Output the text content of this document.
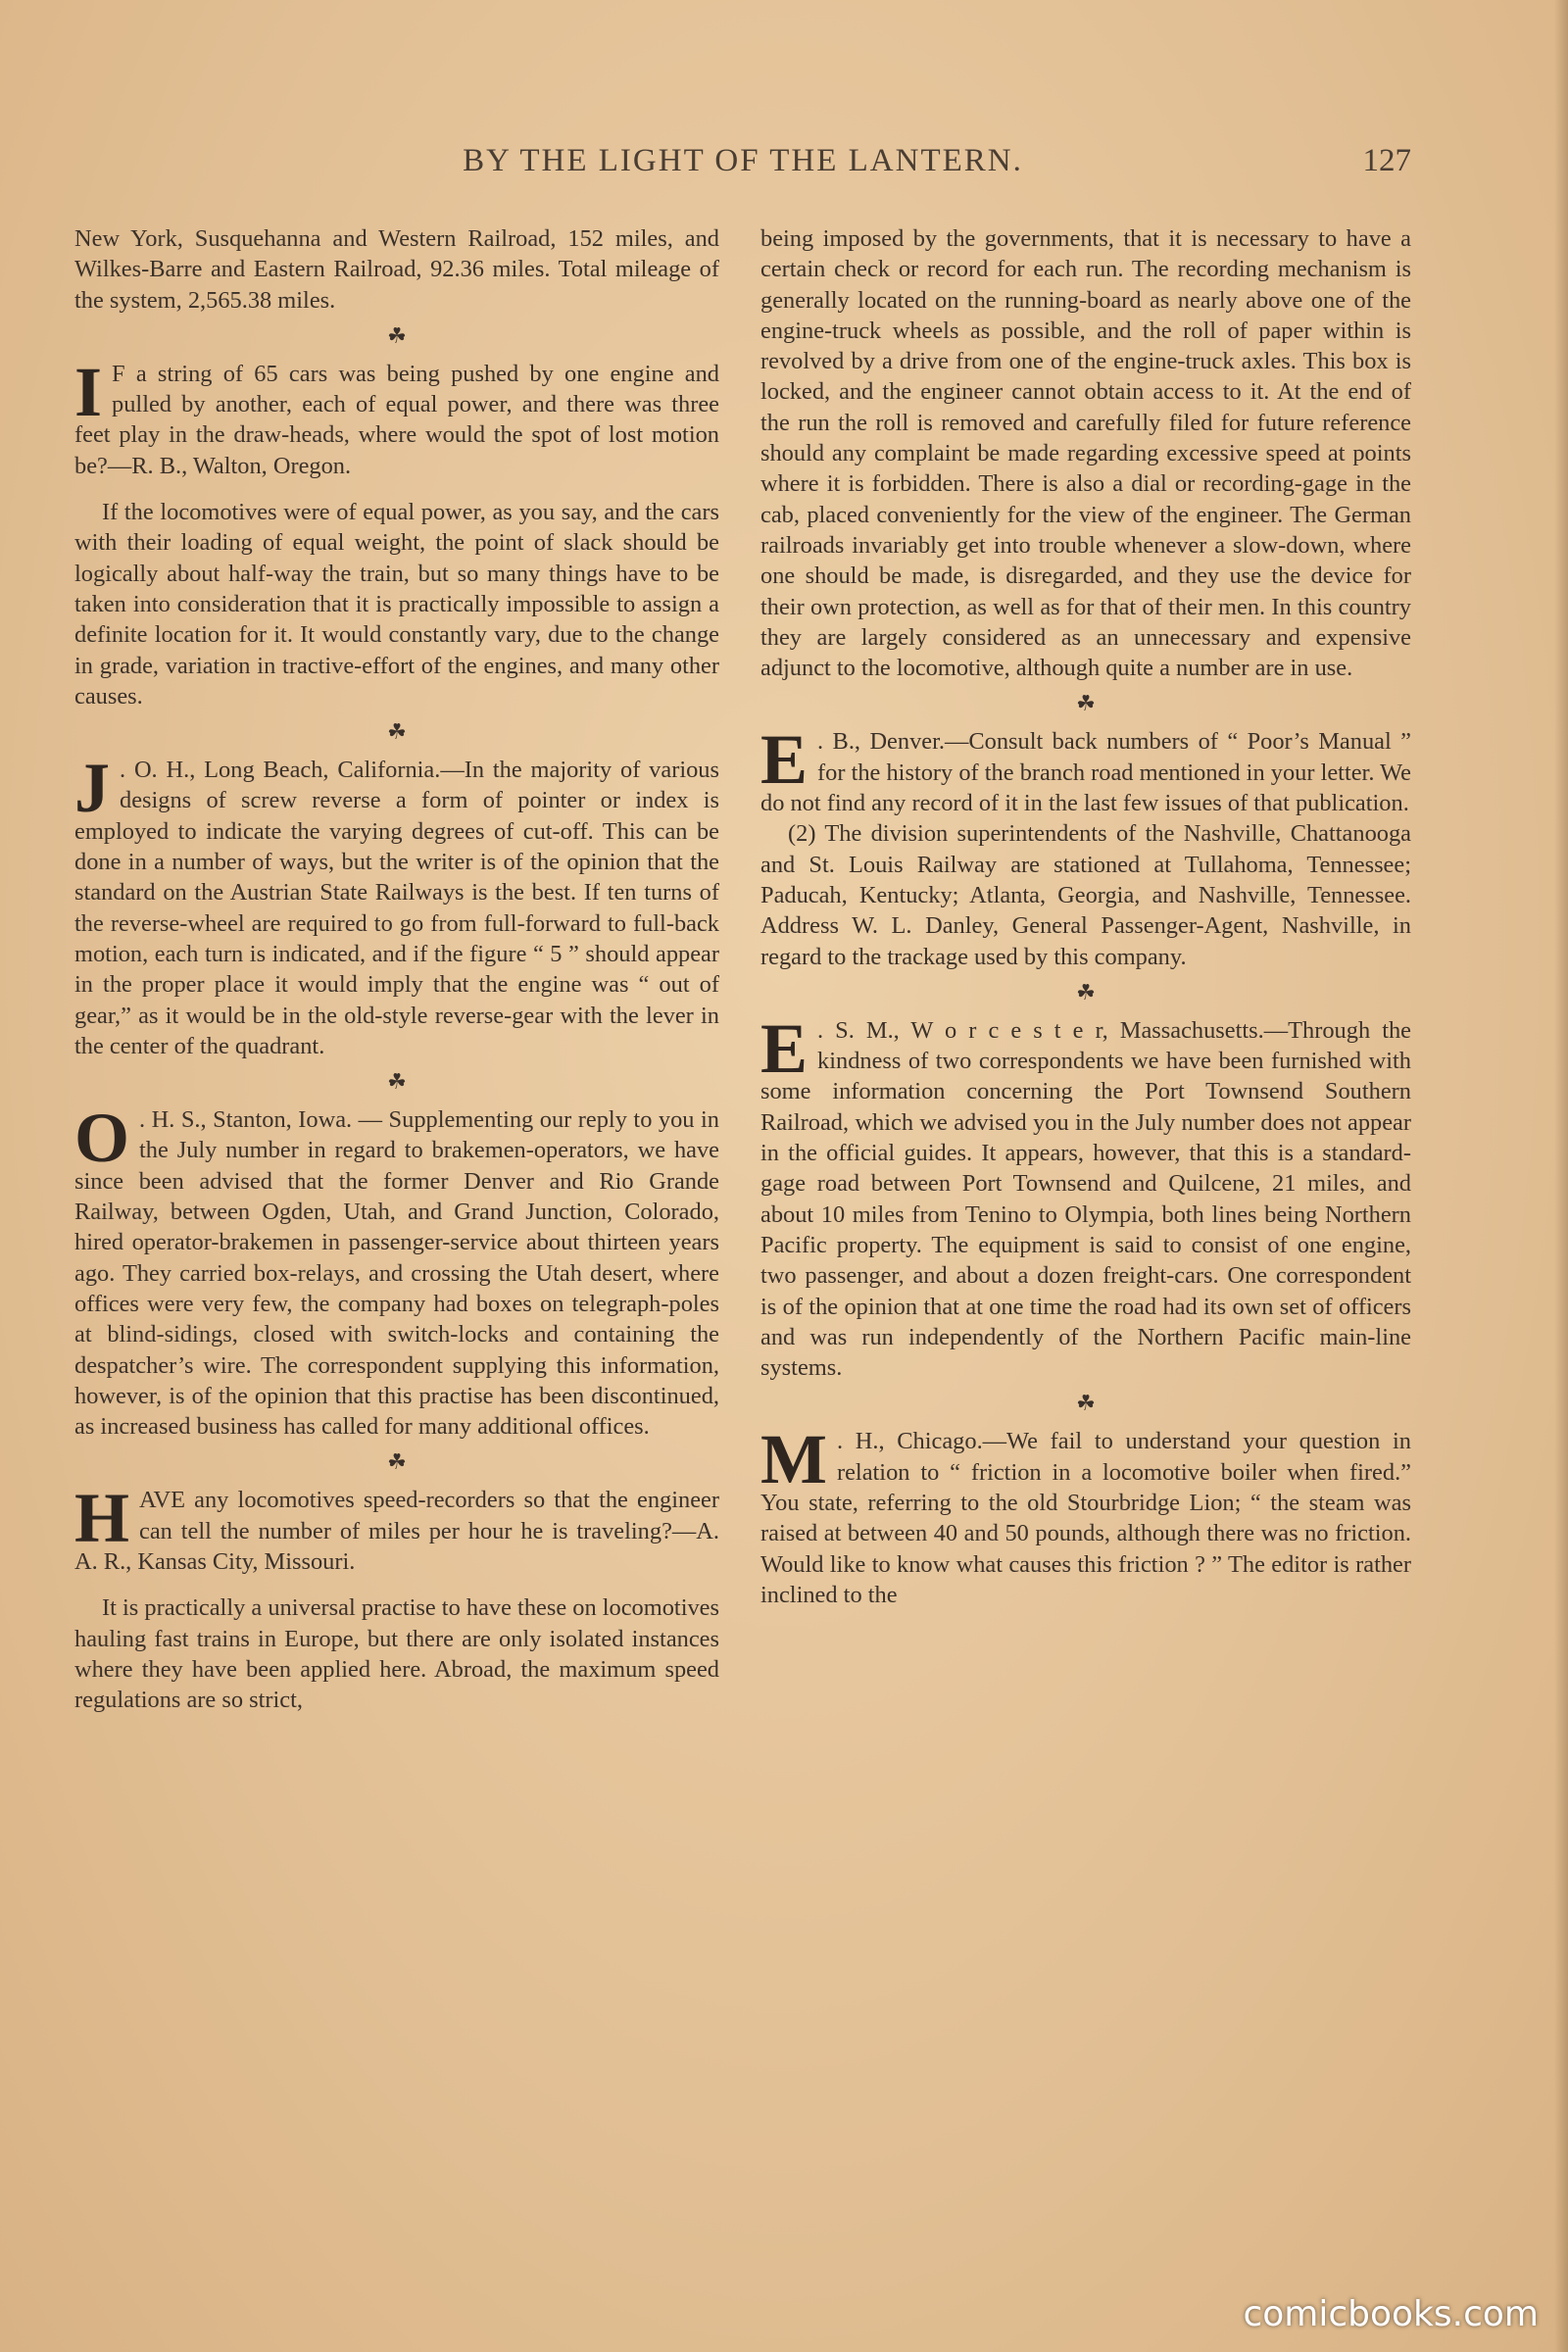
BY THE LIGHT OF THE LANTERN.	127

New York, Susquehanna and Western Railroad, 152 miles, and Wilkes-Barre and Eastern Railroad, 92.36 miles. Total mileage of the system, 2,565.38 miles.

☘
I F a string of 65 cars was being pushed by one engine and pulled by another, each of equal power, and there was three feet play in the draw-heads, where would the spot of lost motion be?—R. B., Walton, Oregon.

If the locomotives were of equal power, as you say, and the cars with their loading of equal weight, the point of slack should be logically about half-way the train, but so many things have to be taken into consideration that it is practically impossible to assign a definite location for it. It would constantly vary, due to the change in grade, variation in tractive-effort of the engines, and many other causes.

☘
J . O. H., Long Beach, California.—In the majority of various designs of screw reverse a form of pointer or index is employed to indicate the varying degrees of cut-off. This can be done in a number of ways, but the writer is of the opinion that the standard on the Austrian State Railways is the best. If ten turns of the reverse-wheel are required to go from full-forward to full-back motion, each turn is indicated, and if the figure “ 5 ” should appear in the proper place it would imply that the engine was “ out of gear,” as it would be in the old-style reverse-gear with the lever in the center of the quadrant.
☘
O . H. S., Stanton, Iowa. — Supplementing our reply to you in the July number in regard to brakemen-operators, we have since been advised that the former Denver and Rio Grande Railway, between Ogden, Utah, and Grand Junction, Colorado, hired operator-brakemen in passenger-service about thirteen years ago. They carried box-relays, and crossing the Utah desert, where offices were very few, the company had boxes on telegraph-poles at blind-sidings, closed with switch-locks and containing the despatcher’s wire. The correspondent supplying this information, however, is of the opinion that this practise has been discontinued, as increased business has called for many additional offices.
☘
H AVE any locomotives speed-recorders so that the engineer can tell the number of miles per hour he is traveling?—A. A. R., Kansas City, Missouri.

It is practically a universal practise to have these on locomotives hauling fast trains in Europe, but there are only isolated instances where they have been applied here. Abroad, the maximum speed regulations are so strict,

being imposed by the governments, that it is necessary to have a certain check or record for each run. The recording mechanism is generally located on the running-board as nearly above one of the engine-truck wheels as possible, and the roll of paper within is revolved by a drive from one of the engine-truck axles. This box is locked, and the engineer cannot obtain access to it. At the end of the run the roll is removed and carefully filed for future reference should any complaint be made regarding excessive speed at points where it is forbidden. There is also a dial or recording-gage in the cab, placed conveniently for the view of the engineer. The German railroads invariably get into trouble whenever a slow-down, where one should be made, is disregarded, and they use the device for their own protection, as well as for that of their men. In this country they are largely considered as an unnecessary and expensive adjunct to the locomotive, although quite a number are in use.

☘
E . B., Denver.—Consult back numbers of “ Poor’s Manual ” for the history of the branch road mentioned in your letter. We do not find any record of it in the last few issues of that publication.

(2) The division superintendents of the Nashville, Chattanooga and St. Louis Railway are stationed at Tullahoma, Tennessee; Paducah, Kentucky; Atlanta, Georgia, and Nashville, Tennessee. Address W. L. Danley, General Passenger-Agent, Nashville, in regard to the trackage used by this company.

☘
E . S. M., W o r c e s t e r, Massachusetts.—Through the kindness of two correspondents we have been furnished with some information concerning the Port Townsend Southern Railroad, which we advised you in the July number does not appear in the official guides. It appears, however, that this is a standard-gage road between Port Townsend and Quilcene, 21 miles, and about 10 miles from Tenino to Olympia, both lines being Northern Pacific property. The equipment is said to consist of one engine, two passenger, and about a dozen freight-cars. One correspondent is of the opinion that at one time the road had its own set of officers and was run independently of the Northern Pacific main-line systems.
☘
M . H., Chicago.—We fail to understand your question in relation to “ friction in a locomotive boiler when fired.” You state, referring to the old Stourbridge Lion; “ the steam was raised at between 40 and 50 pounds, although there was no friction. Would like to know what causes this friction ? ” The editor is rather inclined to the
comicbooks.com
